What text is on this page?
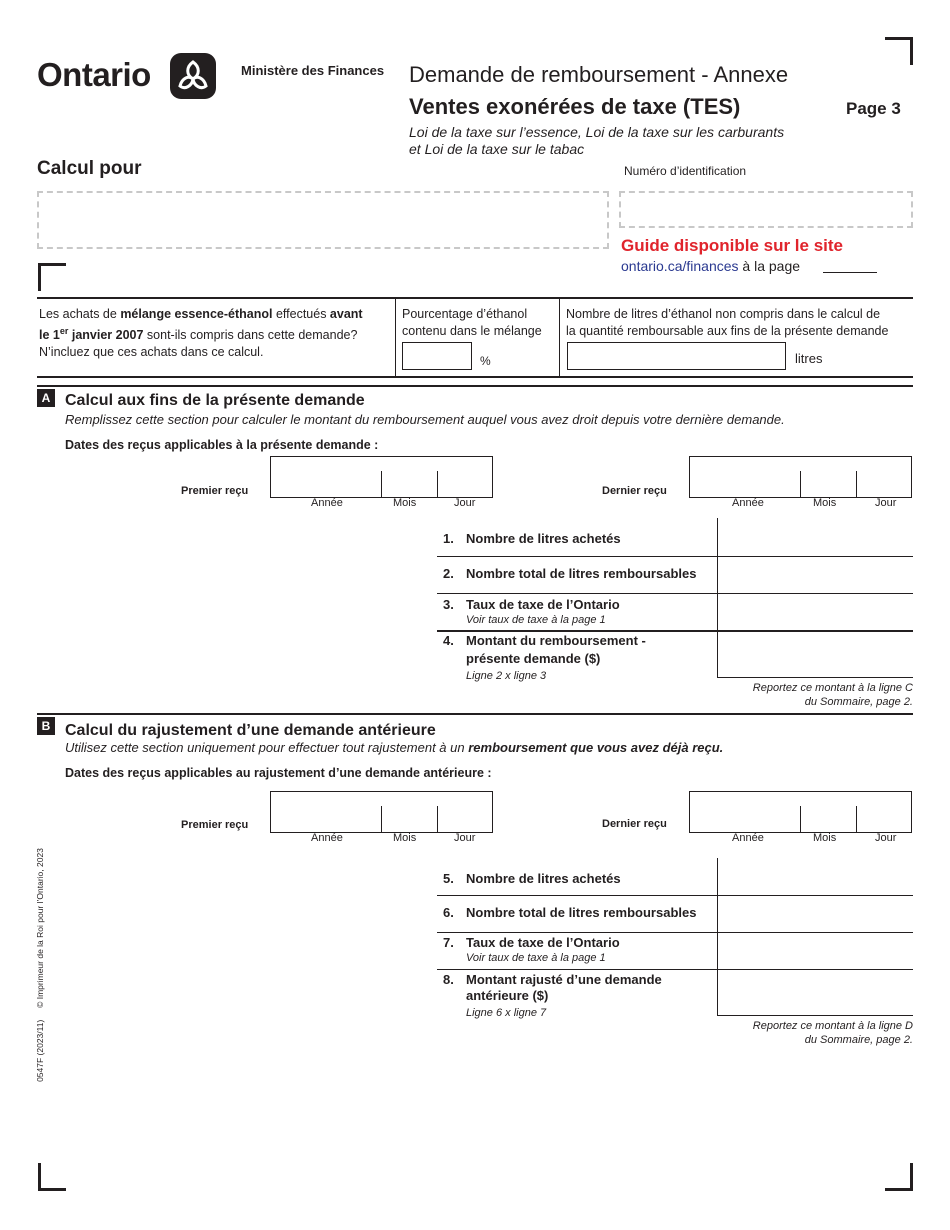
Ontario	Ministère des Finances Demande de remboursement - Annexe
Ventes exonérées de taxe (TES)	Page 3
Loi de la taxe sur l’essence, Loi de la taxe sur les carburants
et Loi de la taxe sur le tabac
Calcul pour	Numéro d’identification
Guide disponible sur le site
ontario.ca/finances à la page
Les achats de mélange essence-éthanol effectués avant
le 1er janvier 2007 sont-ils compris dans cette demande?
N’incluez que ces achats dans ce calcul.
Pourcentage d’éthanol
contenu dans le mélange
%
Nombre de litres d’éthanol non compris dans le calcul de
la quantité remboursable aux fins de la présente demande
litres
A Calcul aux fins de la présente demande
Remplissez cette section pour calculer le montant du remboursement auquel vous avez droit depuis votre dernière demande.
Dates des reçus applicables à la présente demande :
Premier reçu
Année	Mois	Jour
Dernier reçu
Année	Mois	Jour
1. Nombre de litres achetés
2. Nombre total de litres remboursables
3. Taux de taxe de l’Ontario
Voir taux de taxe à la page 1
4. Montant du remboursement -
présente demande ($)
Ligne 2 x ligne 3
Reportez ce montant à la ligne C
du Sommaire, page 2.
B Calcul du rajustement d’une demande antérieure
Utilisez cette section uniquement pour effectuer tout rajustement à un remboursement que vous avez déjà reçu.
Dates des reçus applicables au rajustement d’une demande antérieure :
Premier reçu
Année	Mois	Jour
Dernier reçu
Année	Mois	Jour
5. Nombre de litres achetés
6. Nombre total de litres remboursables
7. Taux de taxe de l’Ontario
Voir taux de taxe à la page 1
8. Montant rajusté d’une demande
antérieure ($)
Ligne 6 x ligne 7
Reportez ce montant à la ligne D
du Sommaire, page 2.
0547F (2023/11)     © Imprimeur de la Roi pour l’Ontario, 2023
